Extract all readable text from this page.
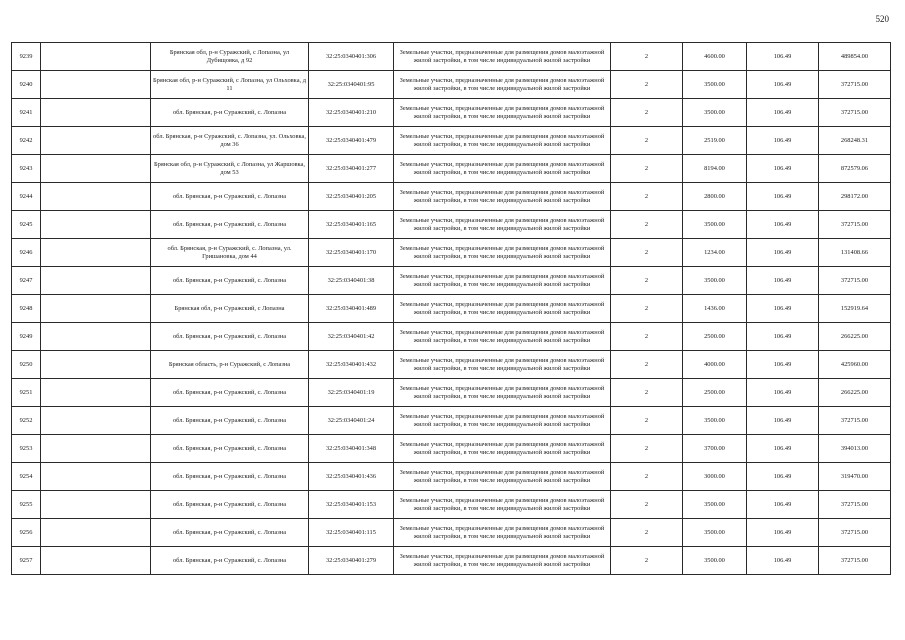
520
9239		Брянская обл, р-н Суражский, с Лопазна, ул Дубищовка, д 92	32:25:0340401:306	Земельные участки, предназначенные для размещения домов малоэтажной жилой застройки, в том числе индивидуальной жилой застройки	2	4600.00	106.49	489854.00
9240		Брянская обл, р-н Суражский, с Лопазна, ул Ольховка, д 11	32:25:0340401:95	Земельные участки, предназначенные для размещения домов малоэтажной жилой застройки, в том числе индивидуальной жилой застройки	2	3500.00	106.49	372715.00
9241		обл. Брянская, р-н Суражский, с. Лопазна	32:25:0340401:210	Земельные участки, предназначенные для размещения домов малоэтажной жилой застройки, в том числе индивидуальной жилой застройки	2	3500.00	106.49	372715.00
9242		обл. Брянская, р-н Суражский, с. Лопазна, ул. Ольховка, дом 36	32:25:0340401:479	Земельные участки, предназначенные для размещения домов малоэтажной жилой застройки, в том числе индивидуальной жилой застройки	2	2519.00	106.49	268248.31
9243		Брянская обл, р-н Суражский, с Лопазна, ул Жаршовка, дом 53	32:25:0340401:277	Земельные участки, предназначенные для размещения домов малоэтажной жилой застройки, в том числе индивидуальной жилой застройки	2	8194.00	106.49	872579.06
9244		обл. Брянская, р-н Суражский, с. Лопазна	32:25:0340401:205	Земельные участки, предназначенные для размещения домов малоэтажной жилой застройки, в том числе индивидуальной жилой застройки	2	2800.00	106.49	298172.00
9245		обл. Брянская, р-н Суражский, с. Лопазна	32:25:0340401:165	Земельные участки, предназначенные для размещения домов малоэтажной жилой застройки, в том числе индивидуальной жилой застройки	2	3500.00	106.49	372715.00
9246		обл. Брянская, р-н Суражский, с. Лопазна, ул. Гришановка, дом 44	32:25:0340401:170	Земельные участки, предназначенные для размещения домов малоэтажной жилой застройки, в том числе индивидуальной жилой застройки	2	1234.00	106.49	131408.66
9247		обл. Брянская, р-н Суражский, с. Лопазна	32:25:0340401:38	Земельные участки, предназначенные для размещения домов малоэтажной жилой застройки, в том числе индивидуальной жилой застройки	2	3500.00	106.49	372715.00
9248		Брянская обл, р-н Суражский, с Лопазна	32:25:0340401:489	Земельные участки, предназначенные для размещения домов малоэтажной жилой застройки, в том числе индивидуальной жилой застройки	2	1436.00	106.49	152919.64
9249		обл. Брянская, р-н Суражский, с. Лопазна	32:25:0340401:42	Земельные участки, предназначенные для размещения домов малоэтажной жилой застройки, в том числе индивидуальной жилой застройки	2	2500.00	106.49	266225.00
9250		Брянская область, р-н Суражский, с Лопазна	32:25:0340401:432	Земельные участки, предназначенные для размещения домов малоэтажной жилой застройки, в том числе индивидуальной жилой застройки	2	4000.00	106.49	425960.00
9251		обл. Брянская, р-н Суражский, с. Лопазна	32:25:0340401:19	Земельные участки, предназначенные для размещения домов малоэтажной жилой застройки, в том числе индивидуальной жилой застройки	2	2500.00	106.49	266225.00
9252		обл. Брянская, р-н Суражский, с. Лопазна	32:25:0340401:24	Земельные участки, предназначенные для размещения домов малоэтажной жилой застройки, в том числе индивидуальной жилой застройки	2	3500.00	106.49	372715.00
9253		обл. Брянская, р-н Суражский, с. Лопазна	32:25:0340401:348	Земельные участки, предназначенные для размещения домов малоэтажной жилой застройки, в том числе индивидуальной жилой застройки	2	3700.00	106.49	394013.00
9254		обл. Брянская, р-н Суражский, с. Лопазна	32:25:0340401:436	Земельные участки, предназначенные для размещения домов малоэтажной жилой застройки, в том числе индивидуальной жилой застройки	2	3000.00	106.49	319470.00
9255		обл. Брянская, р-н Суражский, с. Лопазна	32:25:0340401:153	Земельные участки, предназначенные для размещения домов малоэтажной жилой застройки, в том числе индивидуальной жилой застройки	2	3500.00	106.49	372715.00
9256		обл. Брянская, р-н Суражский, с. Лопазна	32:25:0340401:115	Земельные участки, предназначенные для размещения домов малоэтажной жилой застройки, в том числе индивидуальной жилой застройки	2	3500.00	106.49	372715.00
9257		обл. Брянская, р-н Суражский, с. Лопазна	32:25:0340401:279	Земельные участки, предназначенные для размещения домов малоэтажной жилой застройки, в том числе индивидуальной жилой застройки	2	3500.00	106.49	372715.00
